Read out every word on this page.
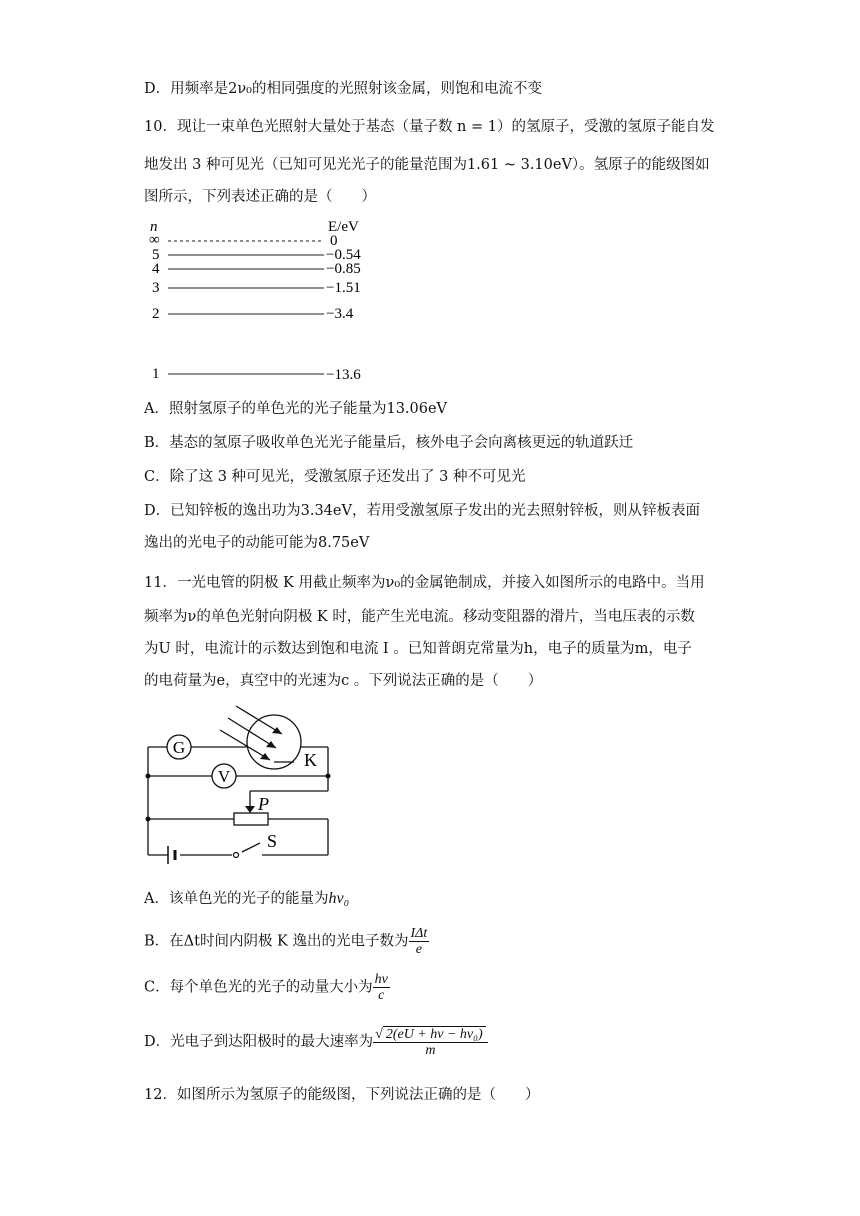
D．用频率是2ν₀的相同强度的光照射该金属，则饱和电流不变
10．现让一束单色光照射大量处于基态（量子数 n = 1）的氢原子，受激的氢原子能自发
地发出 3 种可见光（已知可见光光子的能量范围为1.61 ~ 3.10eV）。氢原子的能级图如
图所示，下列表述正确的是（　　）
n	E/eV
∞	0
5	−0.54
4	−0.85
3	−1.51
2	−3.4
1	−13.6
A．照射氢原子的单色光的光子能量为13.06eV
B．基态的氢原子吸收单色光光子能量后，核外电子会向离核更远的轨道跃迁
C．除了这 3 种可见光，受激氢原子还发出了 3 种不可见光
D．已知锌板的逸出功为3.34eV，若用受激氢原子发出的光去照射锌板，则从锌板表面
逸出的光电子的动能可能为8.75eV
11．一光电管的阴极 K 用截止频率为ν₀的金属铯制成，并接入如图所示的电路中。当用
频率为ν的单色光射向阴极 K 时，能产生光电流。移动变阻器的滑片，当电压表的示数
为U 时，电流计的示数达到饱和电流 I 。已知普朗克常量为h，电子的质量为m，电子
的电荷量为e，真空中的光速为c 。下列说法正确的是（　　）
G
V
K
P
S
A．该单色光的光子的能量为hν₀
B．在Δt时间内阴极 K 逸出的光电子数为 $\frac{\text{IΔt}}{e}$
C．每个单色光的光子的动量大小为 $\frac{h\nu}{c}$
D．光电子到达阳极时的最大速率为 $\frac{\text{√ 2(eU + hν − hν₀)}}{m}$
12．如图所示为氢原子的能级图，下列说法正确的是（　　）
